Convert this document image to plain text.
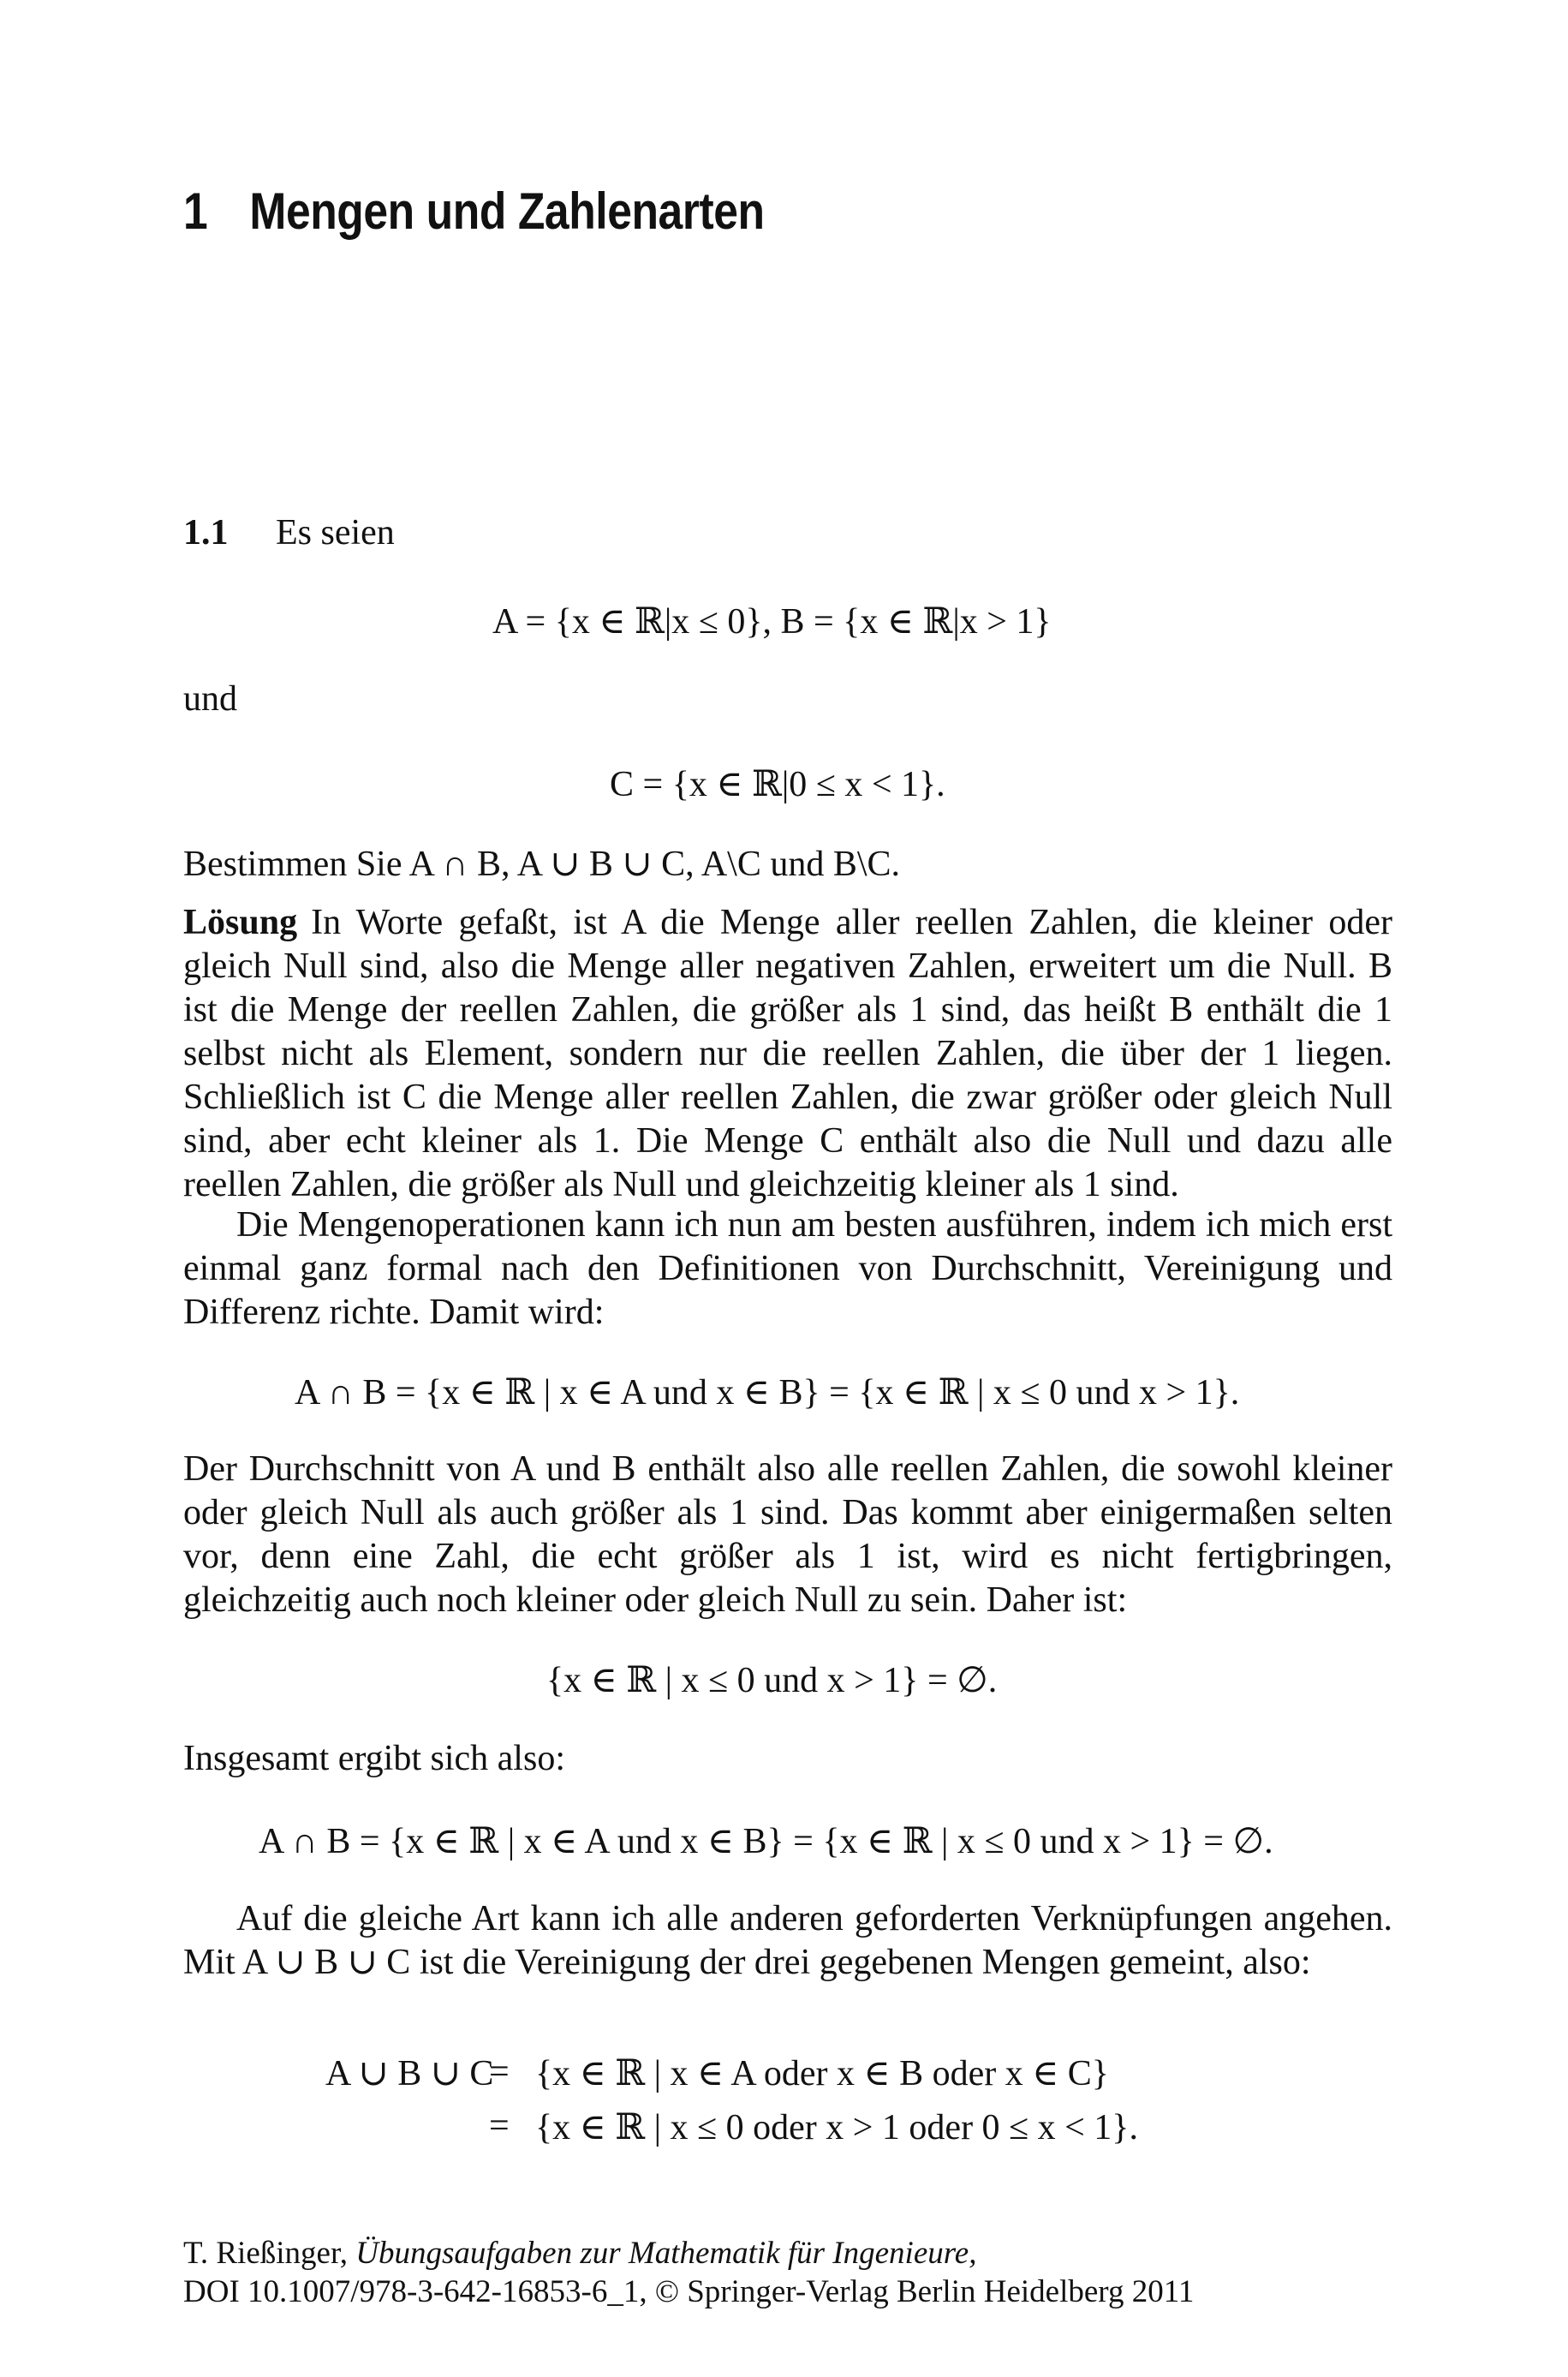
1 Mengen und Zahlenarten
1.1 Es seien
A = {x ∈ ℝ|x ≤ 0}, B = {x ∈ ℝ|x > 1}
und
C = {x ∈ ℝ|0 ≤ x < 1}.

Bestimmen Sie A ∩ B, A ∪ B ∪ C, A\C und B\C.

Lösung In Worte gefaßt, ist A die Menge aller reellen Zahlen, die kleiner oder gleich Null sind, also die Menge aller negativen Zahlen, erweitert um die Null. B ist die Menge der reellen Zahlen, die größer als 1 sind, das heißt B enthält die 1 selbst nicht als Element, sondern nur die reellen Zahlen, die über der 1 liegen. Schließlich ist C die Menge aller reellen Zahlen, die zwar größer oder gleich Null sind, aber echt kleiner als 1. Die Menge C enthält also die Null und dazu alle reellen Zahlen, die größer als Null und gleichzeitig kleiner als 1 sind.

Die Mengenoperationen kann ich nun am besten ausführen, indem ich mich erst einmal ganz formal nach den Definitionen von Durchschnitt, Vereinigung und Differenz richte. Damit wird:

A ∩ B = {x ∈ ℝ | x ∈ A und x ∈ B} = {x ∈ ℝ | x ≤ 0 und x > 1}.

Der Durchschnitt von A und B enthält also alle reellen Zahlen, die sowohl kleiner oder gleich Null als auch größer als 1 sind. Das kommt aber einigermaßen selten vor, denn eine Zahl, die echt größer als 1 ist, wird es nicht fertigbringen, gleichzeitig auch noch kleiner oder gleich Null zu sein. Daher ist:

{x ∈ ℝ | x ≤ 0 und x > 1} = ∅.

Insgesamt ergibt sich also:

A ∩ B = {x ∈ ℝ | x ∈ A und x ∈ B} = {x ∈ ℝ | x ≤ 0 und x > 1} = ∅.

Auf die gleiche Art kann ich alle anderen geforderten Verknüpfungen angehen. Mit A ∪ B ∪ C ist die Vereinigung der drei gegebenen Mengen gemeint, also:

A ∪ B ∪ C
= {x ∈ ℝ | x ∈ A oder x ∈ B oder x ∈ C}
= {x ∈ ℝ | x ≤ 0 oder x > 1 oder 0 ≤ x < 1}.
T. Rießinger, Übungsaufgaben zur Mathematik für Ingenieure,
DOI 10.1007/978-3-642-16853-6_1, © Springer-Verlag Berlin Heidelberg 2011
